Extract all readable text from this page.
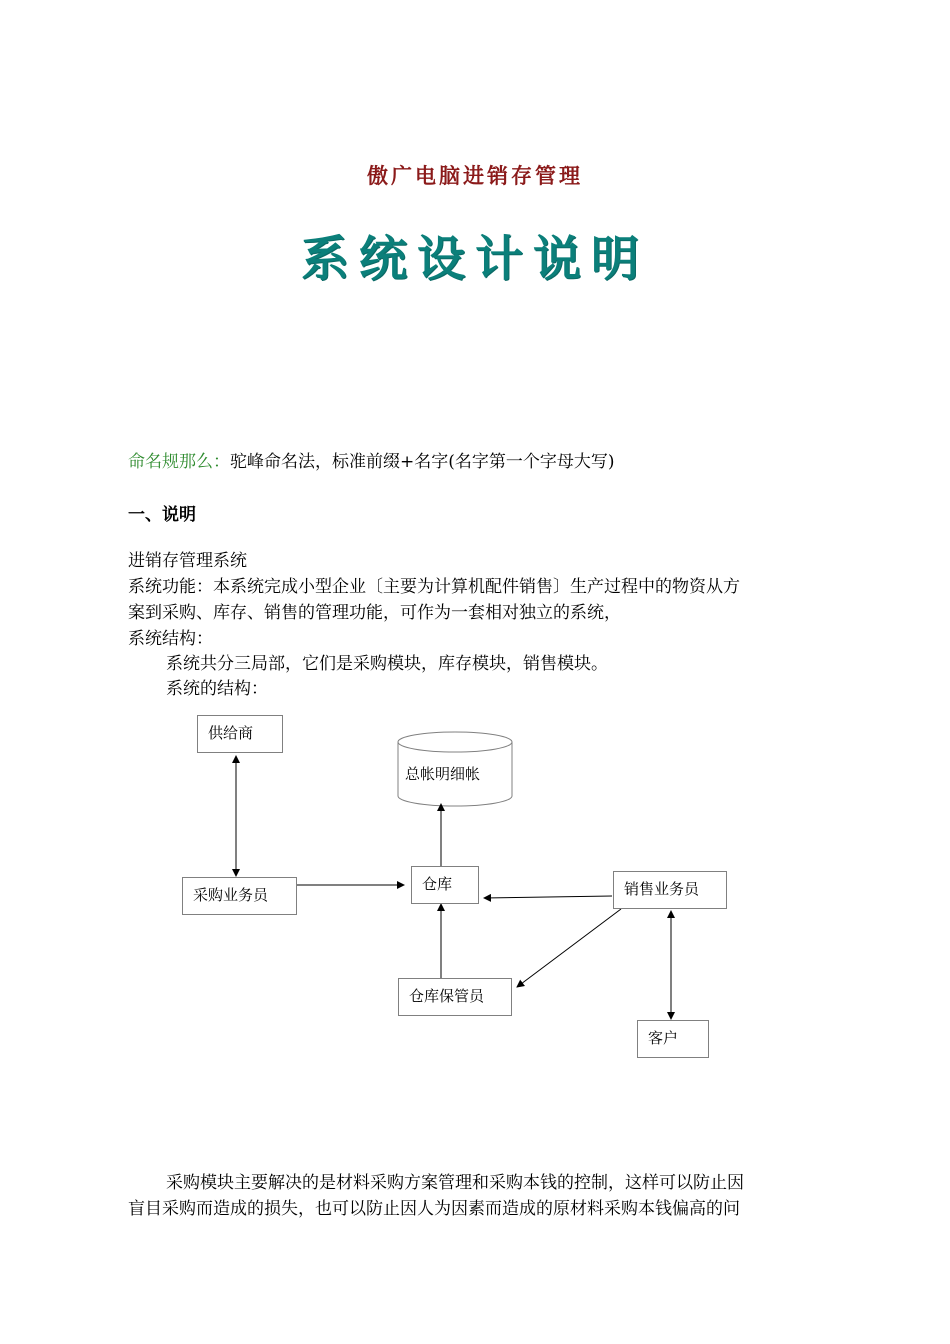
傲广电脑进销存管理
系统设计说明
命名规那么：驼峰命名法，标准前缀+名字(名字第一个字母大写)
一、说明
进销存管理系统
系统功能：本系统完成小型企业〔主要为计算机配件销售〕生产过程中的物资从方
案到采购、库存、销售的管理功能，可作为一套相对独立的系统，
系统结构：
系统共分三局部，它们是采购模块，库存模块，销售模块。
系统的结构：
总帐明细帐
供给商
采购业务员
仓库	销售业务员
仓库保管员
客户
采购模块主要解决的是材料采购方案管理和采购本钱的控制，这样可以防止因
盲目采购而造成的损失，也可以防止因人为因素而造成的原材料采购本钱偏高的问
